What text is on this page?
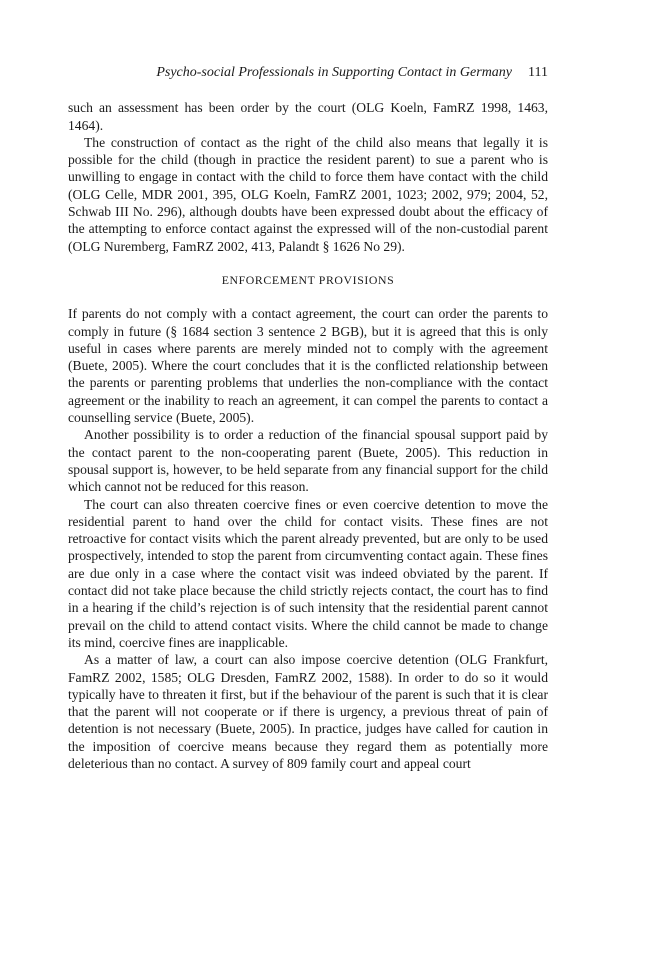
Psycho-social Professionals in Supporting Contact in Germany 111

such an assessment has been order by the court (OLG Koeln, FamRZ 1998, 1463, 1464).

The construction of contact as the right of the child also means that legally it is possible for the child (though in practice the resident parent) to sue a parent who is unwilling to engage in contact with the child to force them have contact with the child (OLG Celle, MDR 2001, 395, OLG Koeln, FamRZ 2001, 1023; 2002, 979; 2004, 52, Schwab III No. 296), although doubts have been expressed doubt about the efficacy of the attempting to enforce contact against the expressed will of the non-custodial parent (OLG Nuremberg, FamRZ 2002, 413, Palandt § 1626 No 29).

ENFORCEMENT PROVISIONS

If parents do not comply with a contact agreement, the court can order the parents to comply in future (§ 1684 section 3 sentence 2 BGB), but it is agreed that this is only useful in cases where parents are merely minded not to comply with the agreement (Buete, 2005). Where the court concludes that it is the conflicted relationship between the parents or parenting problems that underlies the non-compliance with the contact agreement or the inability to reach an agreement, it can compel the parents to contact a counselling service (Buete, 2005).

Another possibility is to order a reduction of the financial spousal support paid by the contact parent to the non-cooperating parent (Buete, 2005). This reduction in spousal support is, however, to be held separate from any financial support for the child which cannot not be reduced for this reason.

The court can also threaten coercive fines or even coercive detention to move the residential parent to hand over the child for contact visits. These fines are not retroactive for contact visits which the parent already prevented, but are only to be used prospectively, intended to stop the parent from circumventing contact again. These fines are due only in a case where the contact visit was indeed obviated by the parent. If contact did not take place because the child strictly rejects contact, the court has to find in a hearing if the child’s rejection is of such intensity that the residential parent cannot prevail on the child to attend contact visits. Where the child cannot be made to change its mind, coercive fines are inapplicable.

As a matter of law, a court can also impose coercive detention (OLG Frankfurt, FamRZ 2002, 1585; OLG Dresden, FamRZ 2002, 1588). In order to do so it would typically have to threaten it first, but if the behaviour of the parent is such that it is clear that the parent will not cooperate or if there is urgency, a previous threat of pain of detention is not necessary (Buete, 2005). In practice, judges have called for caution in the imposition of coercive means because they regard them as potentially more deleterious than no contact. A survey of 809 family court and appeal court
